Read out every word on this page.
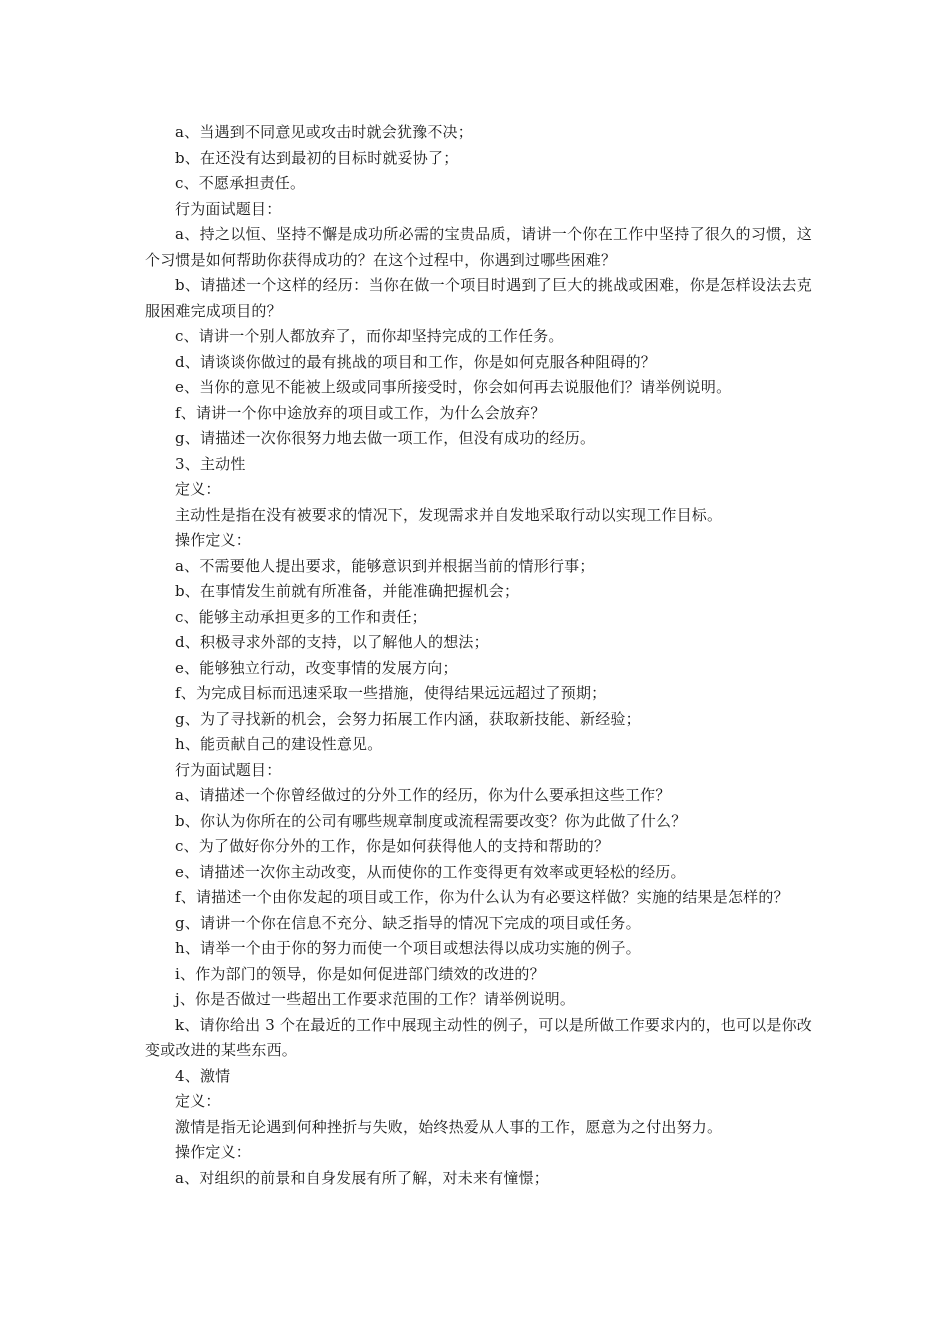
a、当遇到不同意见或攻击时就会犹豫不决；

b、在还没有达到最初的目标时就妥协了；

c、不愿承担责任。

行为面试题目：

a、持之以恒、坚持不懈是成功所必需的宝贵品质，请讲一个你在工作中坚持了很久的习惯，这个习惯是如何帮助你获得成功的？在这个过程中，你遇到过哪些困难？

b、请描述一个这样的经历：当你在做一个项目时遇到了巨大的挑战或困难，你是怎样设法去克服困难完成项目的？

c、请讲一个别人都放弃了，而你却坚持完成的工作任务。

d、请谈谈你做过的最有挑战的项目和工作，你是如何克服各种阻碍的？

e、当你的意见不能被上级或同事所接受时，你会如何再去说服他们？请举例说明。

f、请讲一个你中途放弃的项目或工作，为什么会放弃？

g、请描述一次你很努力地去做一项工作，但没有成功的经历。

3、主动性

定义：

主动性是指在没有被要求的情况下，发现需求并自发地采取行动以实现工作目标。

操作定义：

a、不需要他人提出要求，能够意识到并根据当前的情形行事；

b、在事情发生前就有所准备，并能准确把握机会；

c、能够主动承担更多的工作和责任；

d、积极寻求外部的支持，以了解他人的想法；

e、能够独立行动，改变事情的发展方向；

f、为完成目标而迅速采取一些措施，使得结果远远超过了预期；

g、为了寻找新的机会，会努力拓展工作内涵，获取新技能、新经验；

h、能贡献自己的建设性意见。

行为面试题目：

a、请描述一个你曾经做过的分外工作的经历，你为什么要承担这些工作？

b、你认为你所在的公司有哪些规章制度或流程需要改变？你为此做了什么？

c、为了做好你分外的工作，你是如何获得他人的支持和帮助的？

e、请描述一次你主动改变，从而使你的工作变得更有效率或更轻松的经历。

f、请描述一个由你发起的项目或工作，你为什么认为有必要这样做？实施的结果是怎样的？

g、请讲一个你在信息不充分、缺乏指导的情况下完成的项目或任务。

h、请举一个由于你的努力而使一个项目或想法得以成功实施的例子。

i、作为部门的领导，你是如何促进部门绩效的改进的？

j、你是否做过一些超出工作要求范围的工作？请举例说明。

k、请你给出 3 个在最近的工作中展现主动性的例子，可以是所做工作要求内的，也可以是你改变或改进的某些东西。

4、激情

定义：

激情是指无论遇到何种挫折与失败，始终热爱从人事的工作，愿意为之付出努力。

操作定义：

a、对组织的前景和自身发展有所了解，对未来有憧憬；
